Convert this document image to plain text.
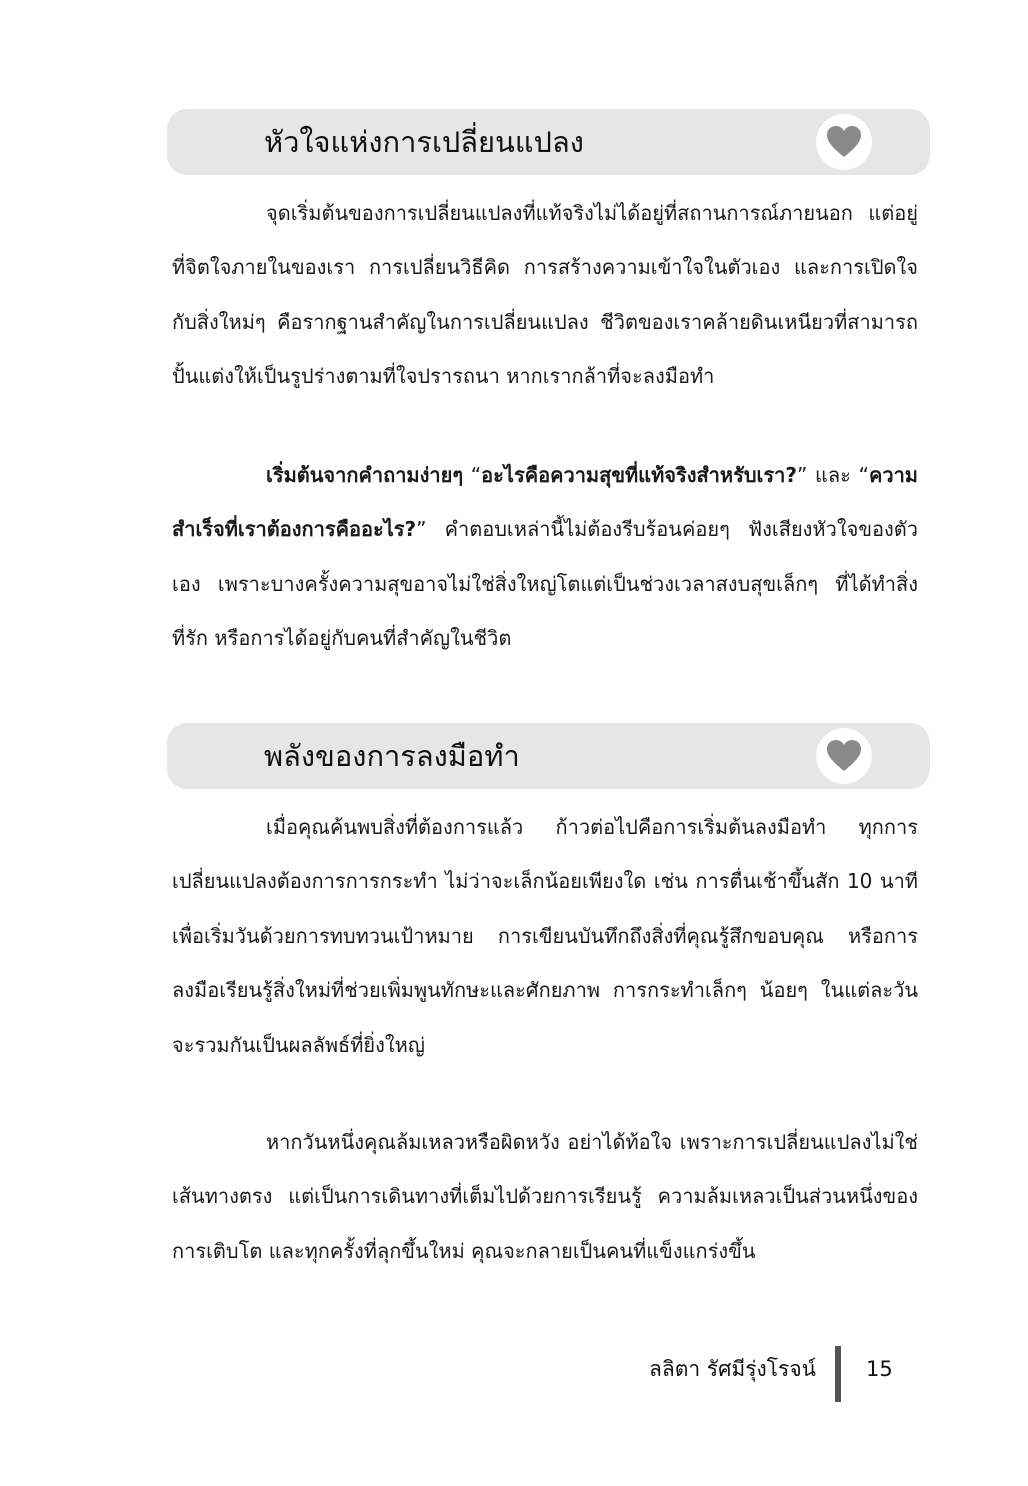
หัวใจแห่งการเปลี่ยนแปลง

จุดเริ่มต้นของการเปลี่ยนแปลงที่แท้จริงไม่ได้อยู่ที่สถานการณ์ภายนอก แต่อยู่ที่จิตใจภายในของเรา การเปลี่ยนวิธีคิด การสร้างความเข้าใจในตัวเอง และการเปิดใจกับสิ่งใหม่ๆ คือรากฐานสำคัญในการเปลี่ยนแปลง ชีวิตของเราคล้ายดินเหนียวที่สามารถปั้นแต่งให้เป็นรูปร่างตามที่ใจปรารถนา หากเรากล้าที่จะลงมือทำ

เริ่มต้นจากคำถามง่ายๆ “อะไรคือความสุขที่แท้จริงสำหรับเรา?” และ “ความสำเร็จที่เราต้องการคืออะไร?” คำตอบเหล่านี้ไม่ต้องรีบร้อนค่อยๆ ฟังเสียงหัวใจของตัวเอง เพราะบางครั้งความสุขอาจไม่ใช่สิ่งใหญ่โตแต่เป็นช่วงเวลาสงบสุขเล็กๆ ที่ได้ทำสิ่งที่รัก หรือการได้อยู่กับคนที่สำคัญในชีวิต

พลังของการลงมือทำ

เมื่อคุณค้นพบสิ่งที่ต้องการแล้ว ก้าวต่อไปคือการเริ่มต้นลงมือทำ ทุกการเปลี่ยนแปลงต้องการการกระทำ ไม่ว่าจะเล็กน้อยเพียงใด เช่น การตื่นเช้าขึ้นสัก 10 นาที เพื่อเริ่มวันด้วยการทบทวนเป้าหมาย การเขียนบันทึกถึงสิ่งที่คุณรู้สึกขอบคุณ หรือการลงมือเรียนรู้สิ่งใหม่ที่ช่วยเพิ่มพูนทักษะและศักยภาพ การกระทำเล็กๆ น้อยๆ ในแต่ละวัน จะรวมกันเป็นผลลัพธ์ที่ยิ่งใหญ่

หากวันหนึ่งคุณล้มเหลวหรือผิดหวัง อย่าได้ท้อใจ เพราะการเปลี่ยนแปลงไม่ใช่เส้นทางตรง แต่เป็นการเดินทางที่เต็มไปด้วยการเรียนรู้ ความล้มเหลวเป็นส่วนหนึ่งของการเติบโต และทุกครั้งที่ลุกขึ้นใหม่ คุณจะกลายเป็นคนที่แข็งแกร่งขึ้น

ลลิตา รัศมีรุ่งโรจน์ 15
